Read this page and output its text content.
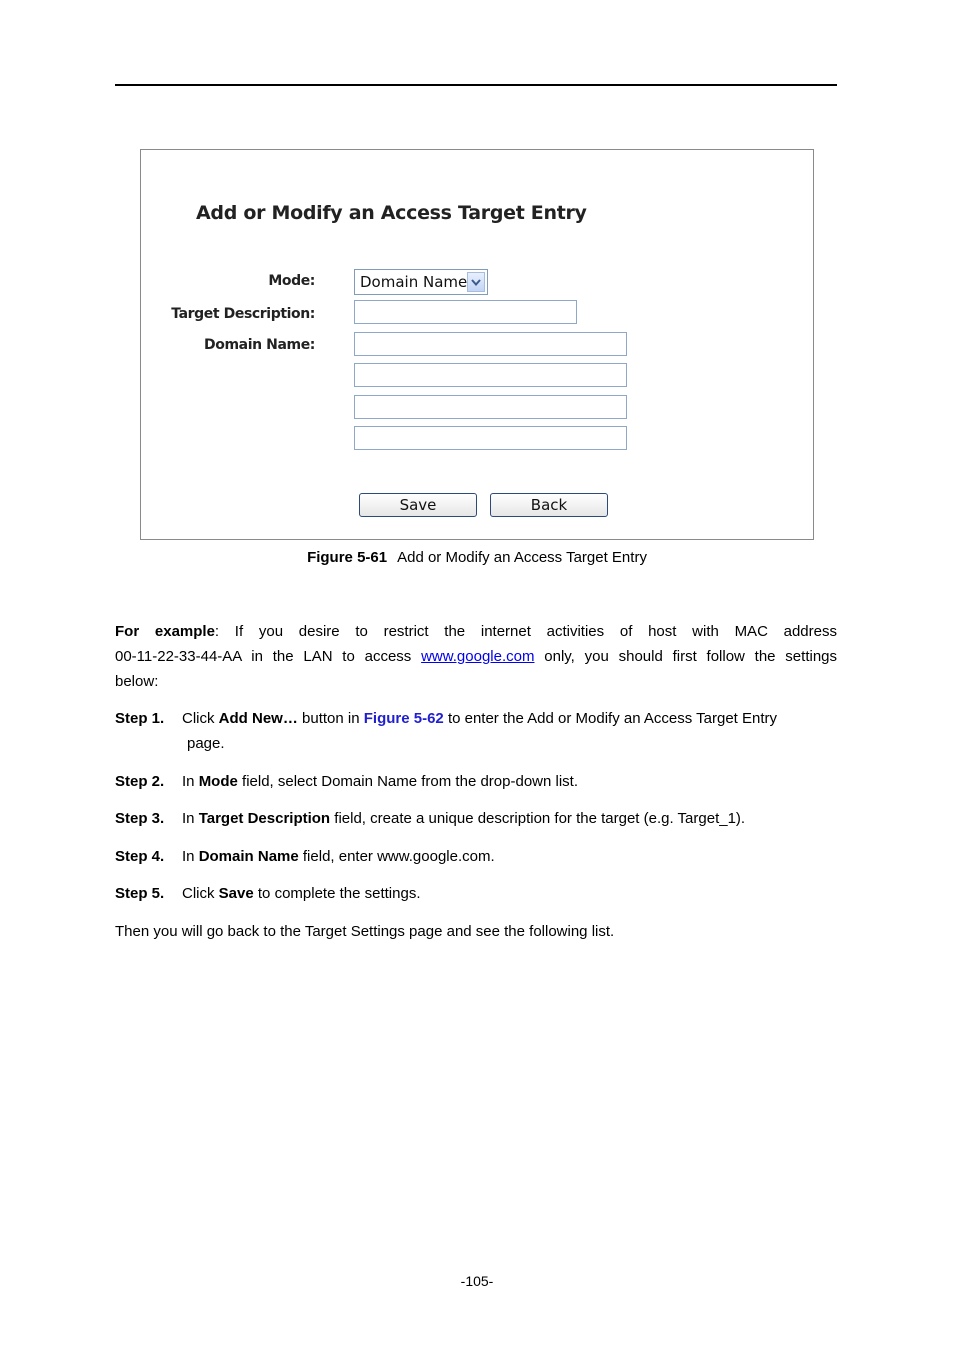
Add or Modify an Access Target Entry
Mode:	Domain Name
Target Description:
Domain Name:
Save	Back
Figure 5-61 Add or Modify an Access Target Entry
For example: If you desire to restrict the internet activities of host with MAC address
00-11-22-33-44-AA in the LAN to access www.google.com only, you should first follow the settings
below:
Step 1. Click Add New… button in Figure 5-62 to enter the Add or Modify an Access Target Entry
page.
Step 2. In Mode field, select Domain Name from the drop-down list.
Step 3. In Target Description field, create a unique description for the target (e.g. Target_1).
Step 4. In Domain Name field, enter www.google.com.
Step 5. Click Save to complete the settings.
Then you will go back to the Target Settings page and see the following list.
-105-
